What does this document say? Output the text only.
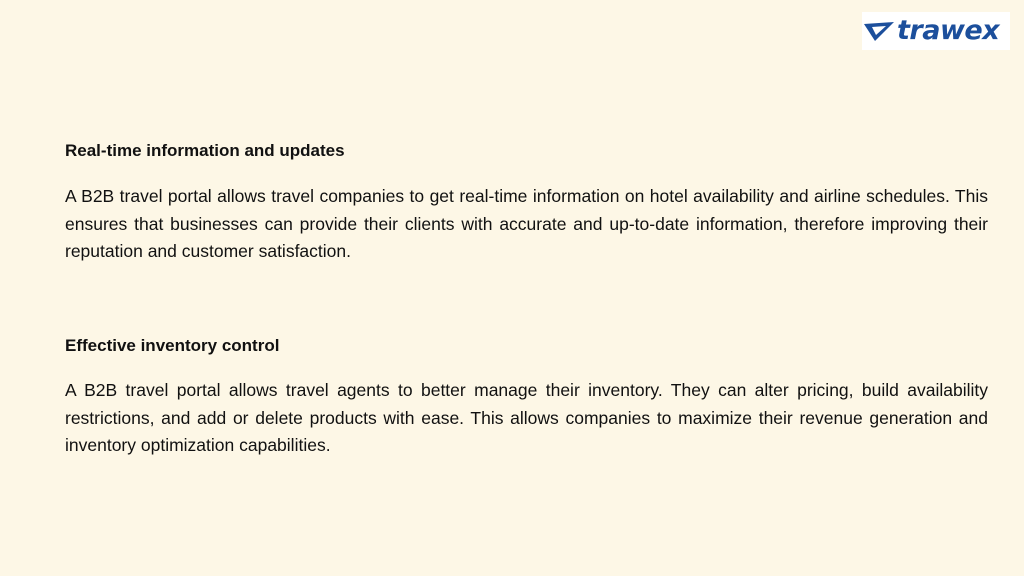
trawex
Real-time information and updates

A B2B travel portal allows travel companies to get real-time information on hotel availability and airline schedules. This ensures that businesses can provide their clients with accurate and up-to-date information, therefore improving their reputation and customer satisfaction.

Effective inventory control

A B2B travel portal allows travel agents to better manage their inventory. They can alter pricing, build availability restrictions, and add or delete products with ease. This allows companies to maximize their revenue generation and inventory optimization capabilities.
